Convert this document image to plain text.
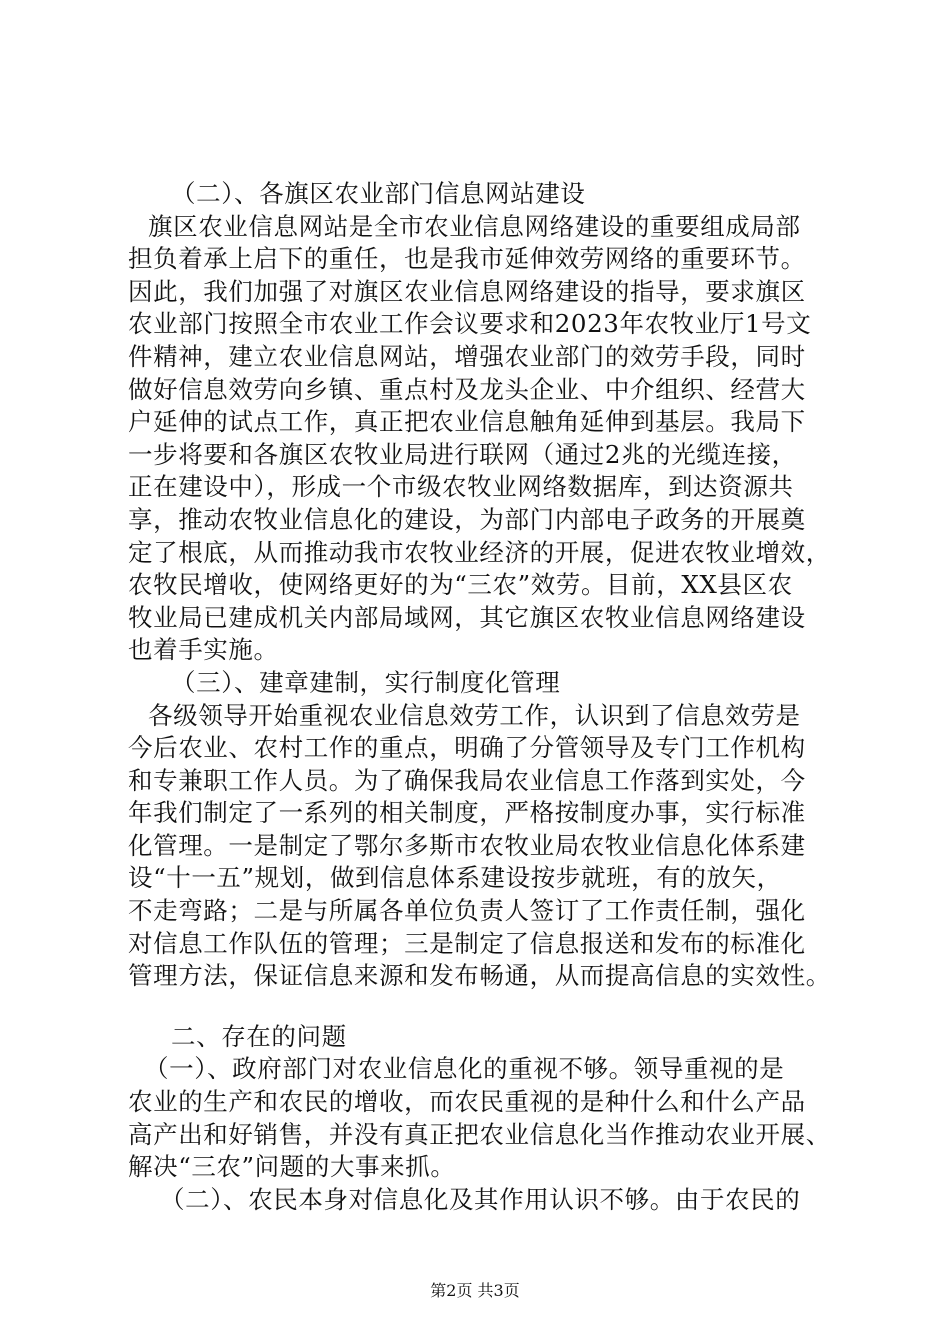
（二）、各旗区农业部门信息网站建设
旗区农业信息网站是全市农业信息网络建设的重要组成局部
担负着承上启下的重任，也是我市延伸效劳网络的重要环节。
因此，我们加强了对旗区农业信息网络建设的指导，要求旗区
农业部门按照全市农业工作会议要求和2023年农牧业厅1号文
件精神，建立农业信息网站，增强农业部门的效劳手段，同时
做好信息效劳向乡镇、重点村及龙头企业、中介组织、经营大
户延伸的试点工作，真正把农业信息触角延伸到基层。我局下
一步将要和各旗区农牧业局进行联网（通过2兆的光缆连接，
正在建设中），形成一个市级农牧业网络数据库，到达资源共
享，推动农牧业信息化的建设，为部门内部电子政务的开展奠
定了根底，从而推动我市农牧业经济的开展，促进农牧业增效，
农牧民增收，使网络更好的为“三农”效劳。目前，XX县区农
牧业局已建成机关内部局域网，其它旗区农牧业信息网络建设
也着手实施。
（三）、建章建制，实行制度化管理
各级领导开始重视农业信息效劳工作，认识到了信息效劳是
今后农业、农村工作的重点，明确了分管领导及专门工作机构
和专兼职工作人员。为了确保我局农业信息工作落到实处，今
年我们制定了一系列的相关制度，严格按制度办事，实行标准
化管理。一是制定了鄂尔多斯市农牧业局农牧业信息化体系建
设“十一五”规划，做到信息体系建设按步就班，有的放矢，
不走弯路；二是与所属各单位负责人签订了工作责任制，强化
对信息工作队伍的管理；三是制定了信息报送和发布的标准化
管理方法，保证信息来源和发布畅通，从而提高信息的实效性。
二、存在的问题
（一）、政府部门对农业信息化的重视不够。领导重视的是
农业的生产和农民的增收，而农民重视的是种什么和什么产品
高产出和好销售，并没有真正把农业信息化当作推动农业开展、
解决“三农”问题的大事来抓。
（二）、农民本身对信息化及其作用认识不够。由于农民的
第2页 共3页
